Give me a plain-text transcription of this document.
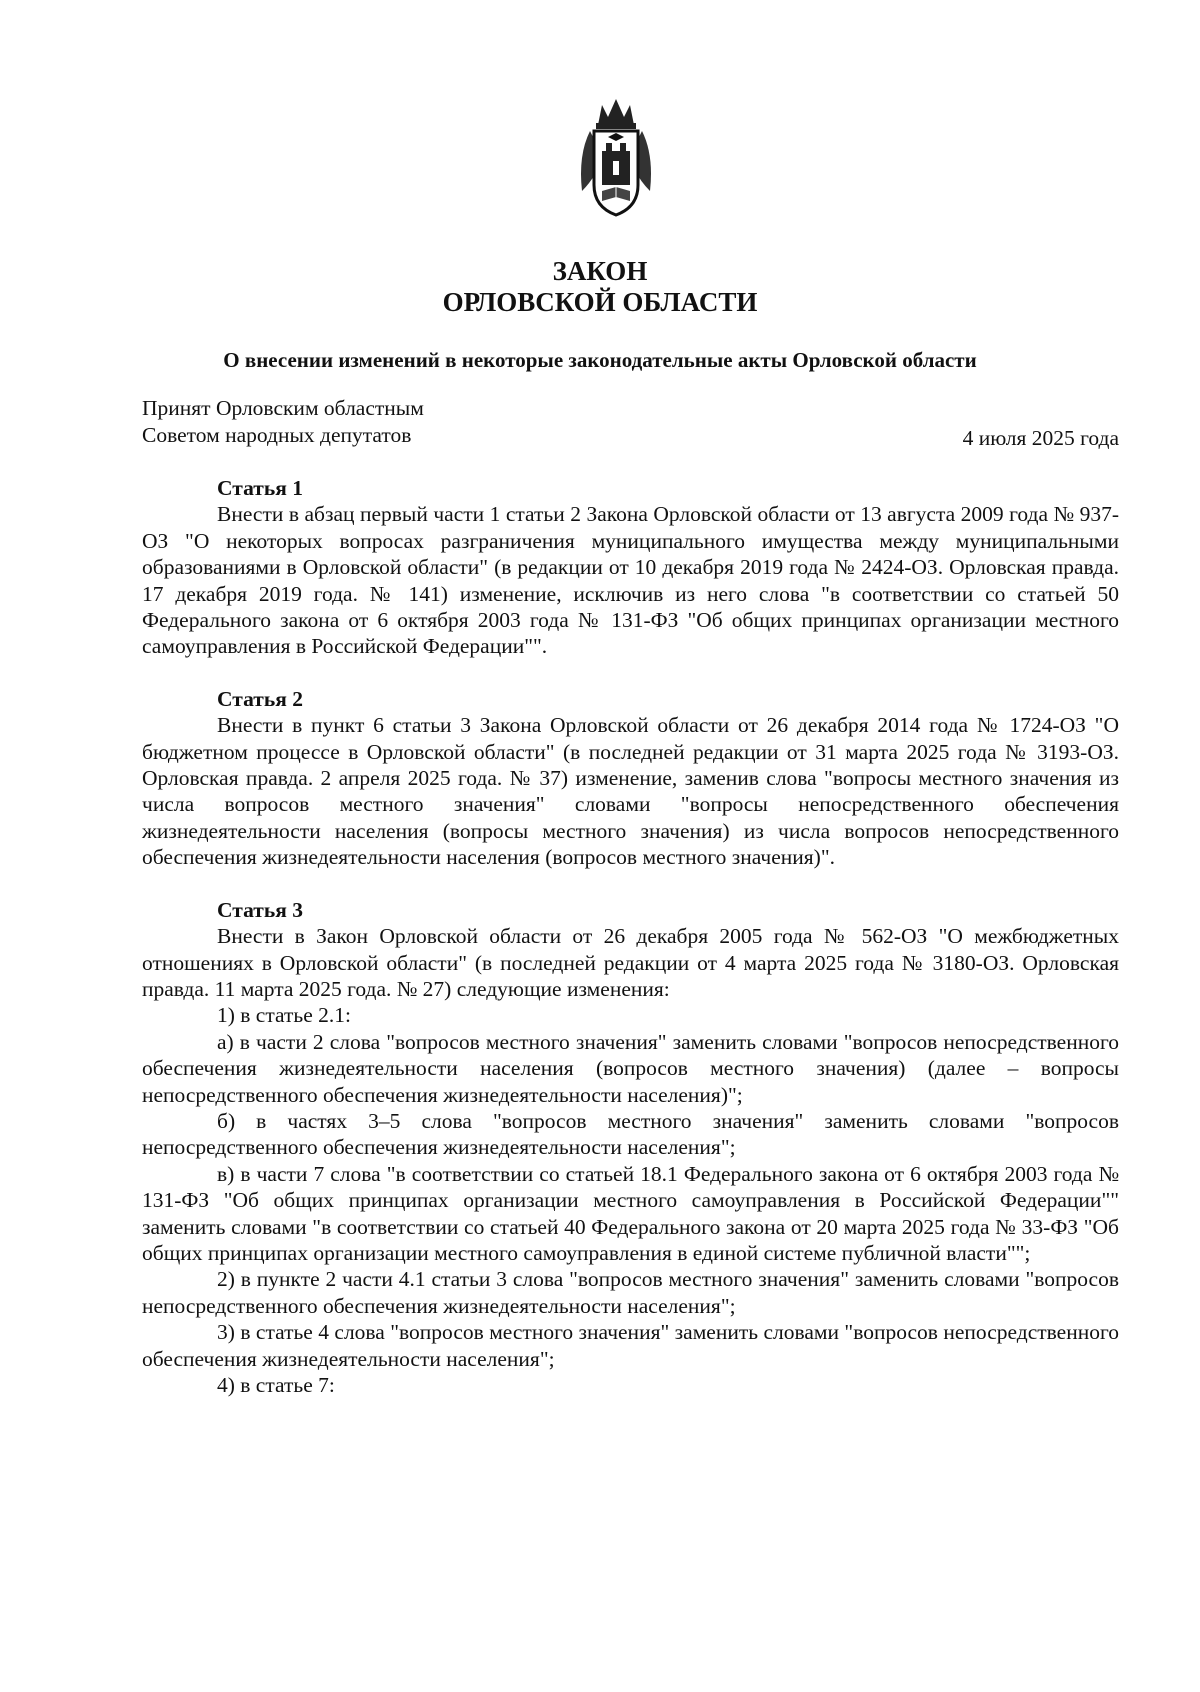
ЗАКОН
ОРЛОВСКОЙ ОБЛАСТИ
О внесении изменений в некоторые законодательные акты Орловской области
Принят Орловским областным
Советом народных депутатов	4 июля 2025 года

Статья 1

Внести в абзац первый части 1 статьи 2 Закона Орловской области от 13 августа 2009 года № 937-ОЗ "О некоторых вопросах разграничения муниципального имущества между муниципальными образованиями в Орловской области" (в редакции от 10 декабря 2019 года № 2424-ОЗ. Орловская правда. 17 декабря 2019 года. № 141) изменение, исключив из него слова "в соответствии со статьей 50 Федерального закона от 6 октября 2003 года № 131-ФЗ "Об общих принципах организации местного самоуправления в Российской Федерации"".

Статья 2

Внести в пункт 6 статьи 3 Закона Орловской области от 26 декабря 2014 года № 1724-ОЗ "О бюджетном процессе в Орловской области" (в последней редакции от 31 марта 2025 года № 3193-ОЗ. Орловская правда. 2 апреля 2025 года. № 37) изменение, заменив слова "вопросы местного значения из числа вопросов местного значения" словами "вопросы непосредственного обеспечения жизнедеятельности населения (вопросы местного значения) из числа вопросов непосредственного обеспечения жизнедеятельности населения (вопросов местного значения)".

Статья 3

Внести в Закон Орловской области от 26 декабря 2005 года № 562-ОЗ "О межбюджетных отношениях в Орловской области" (в последней редакции от 4 марта 2025 года № 3180-ОЗ. Орловская правда. 11 марта 2025 года. № 27) следующие изменения:

1) в статье 2.1:

а) в части 2 слова "вопросов местного значения" заменить словами "вопросов непосредственного обеспечения жизнедеятельности населения (вопросов местного значения) (далее – вопросы непосредственного обеспечения жизнедеятельности населения)";

б) в частях 3–5 слова "вопросов местного значения" заменить словами "вопросов непосредственного обеспечения жизнедеятельности населения";

в) в части 7 слова "в соответствии со статьей 18.1 Федерального закона от 6 октября 2003 года № 131-ФЗ "Об общих принципах организации местного самоуправления в Российской Федерации"" заменить словами "в соответствии со статьей 40 Федерального закона от 20 марта 2025 года № 33-ФЗ "Об общих принципах организации местного самоуправления в единой системе публичной власти"";

2) в пункте 2 части 4.1 статьи 3 слова "вопросов местного значения" заменить словами "вопросов непосредственного обеспечения жизнедеятельности населения";

3) в статье 4 слова "вопросов местного значения" заменить словами "вопросов непосредственного обеспечения жизнедеятельности населения";

4) в статье 7:
